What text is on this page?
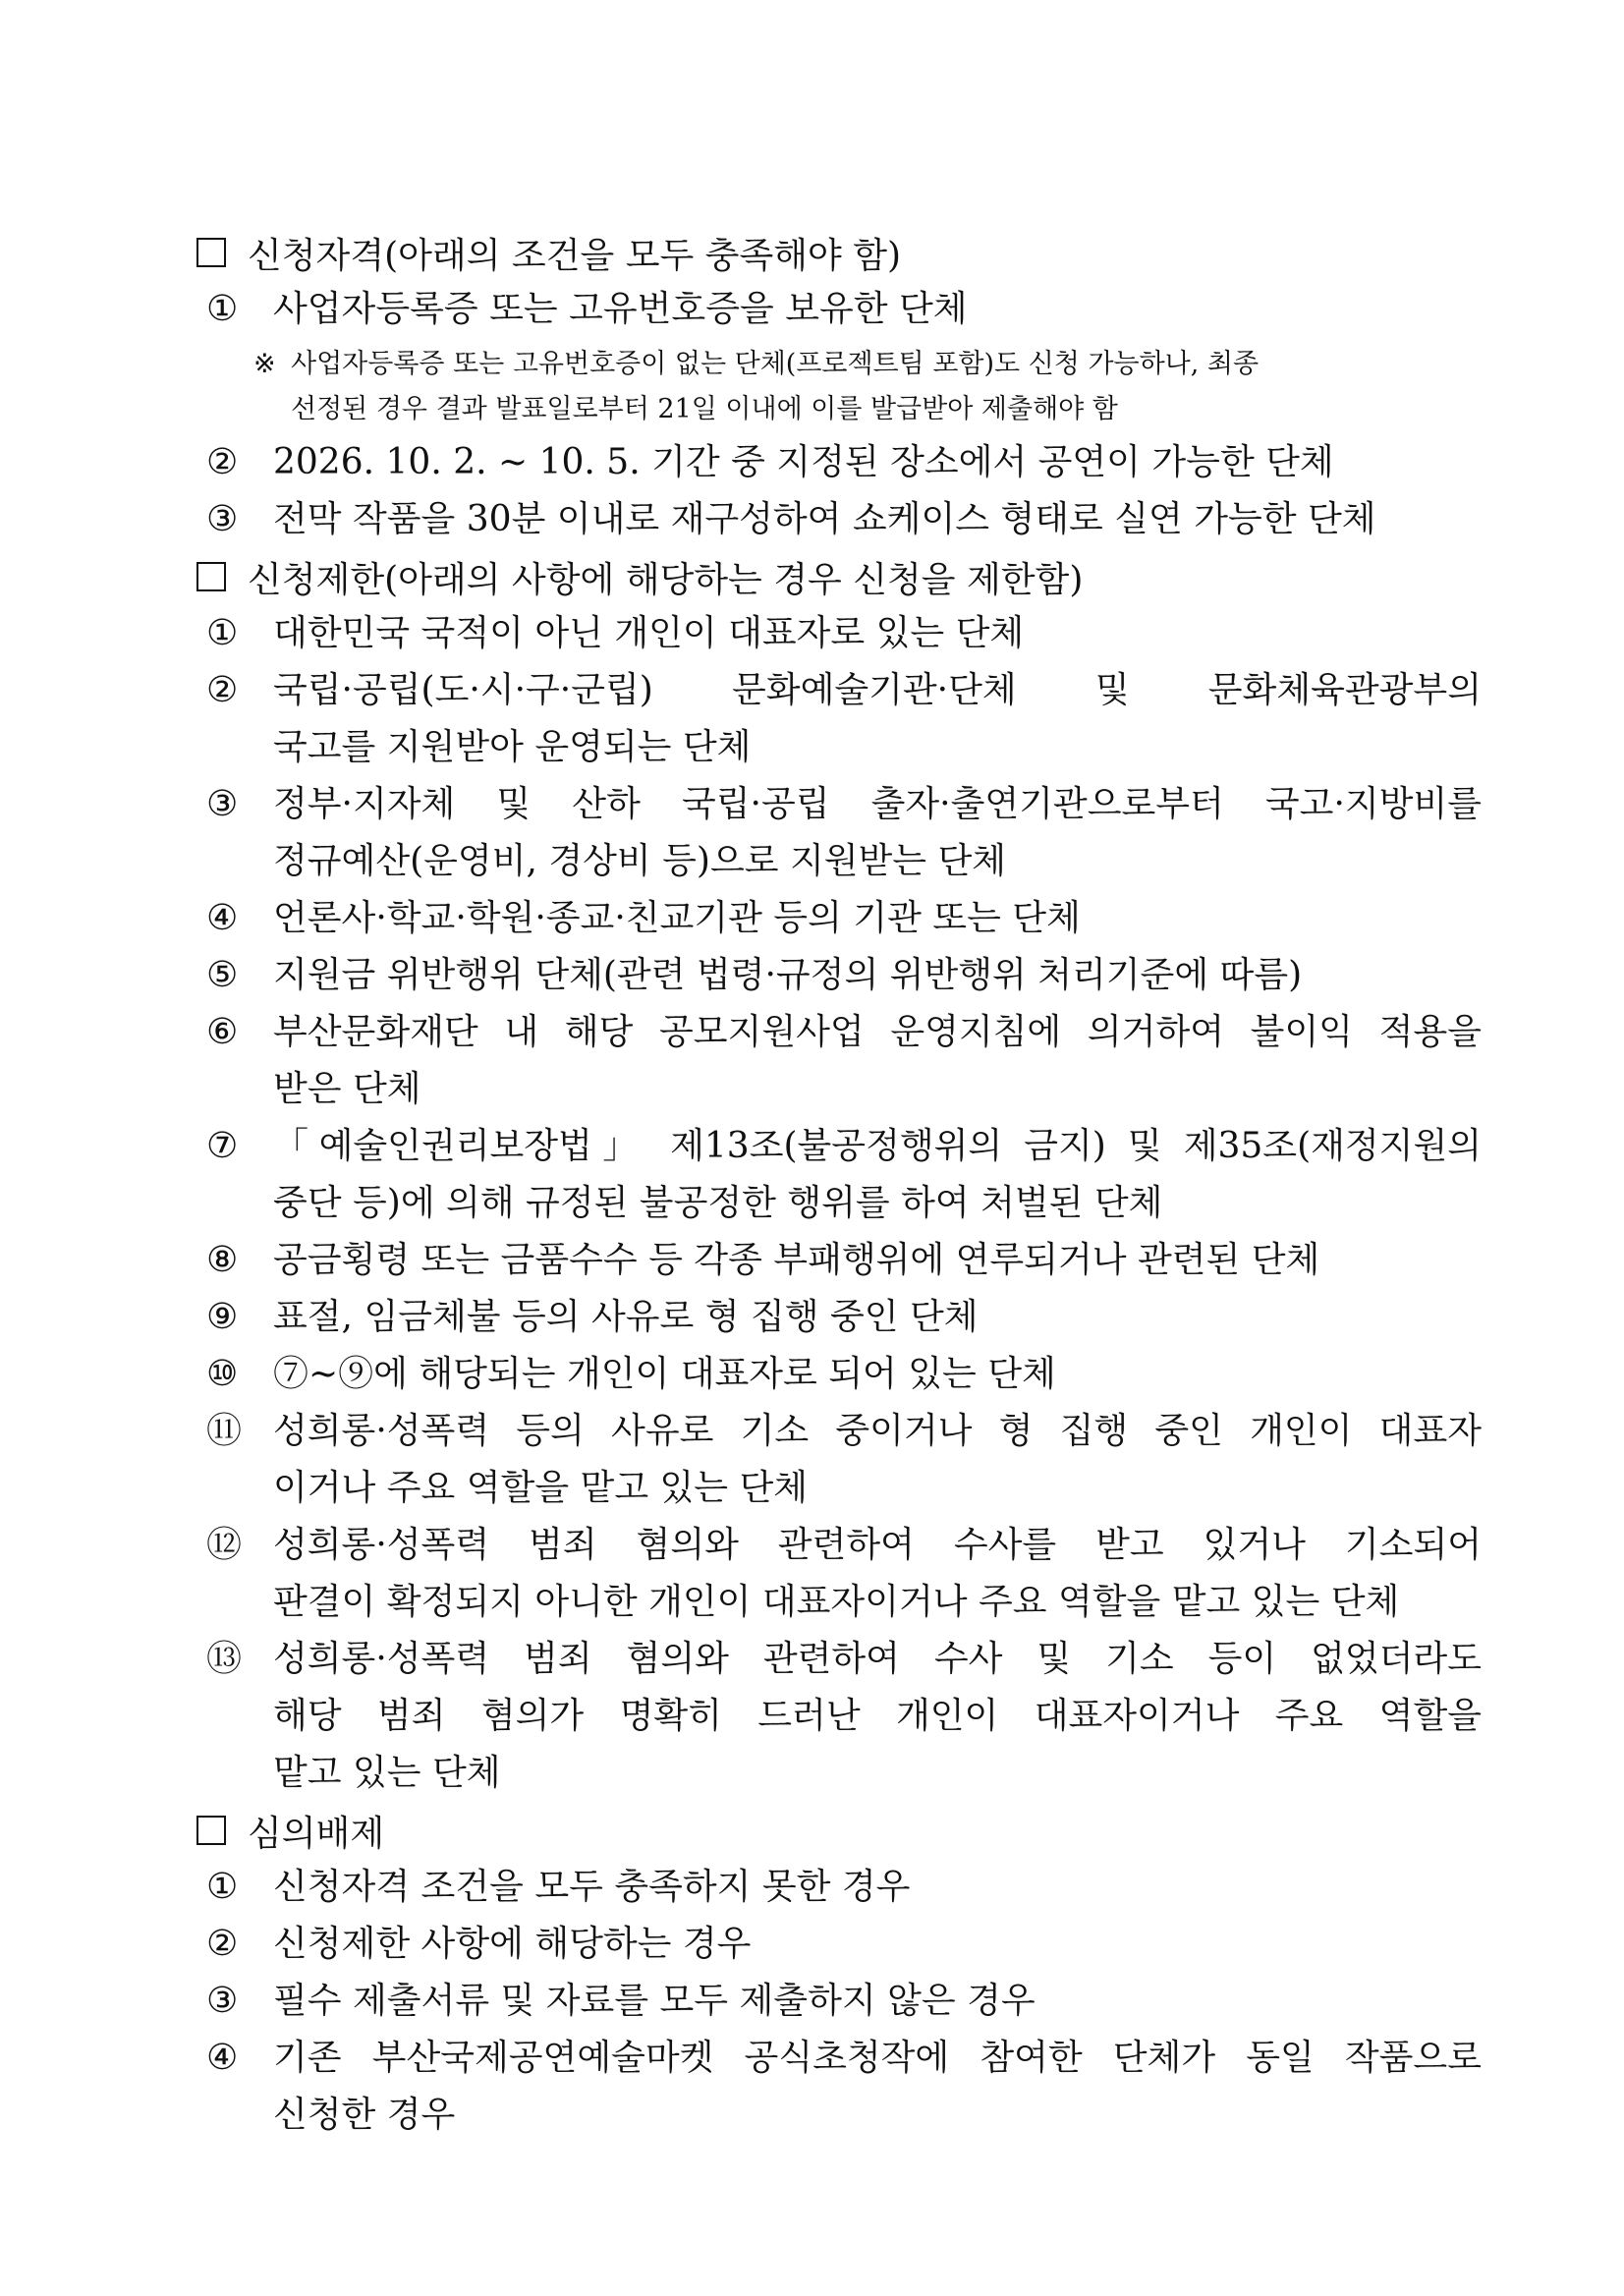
신청자격(아래의 조건을 모두 충족해야 함)
① 사업자등록증 또는 고유번호증을 보유한 단체
※ 사업자등록증 또는 고유번호증이 없는 단체(프로젝트팀 포함)도 신청 가능하나, 최종
선정된 경우 결과 발표일로부터 21일 이내에 이를 발급받아 제출해야 함
② 2026. 10. 2. ~ 10. 5. 기간 중 지정된 장소에서 공연이 가능한 단체
③ 전막 작품을 30분 이내로 재구성하여 쇼케이스 형태로 실연 가능한 단체
신청제한(아래의 사항에 해당하는 경우 신청을 제한함)
심의배제
① 대한민국 국적이 아닌 개인이 대표자로 있는 단체
② 국립·공립(도·시·구·군립) 문화예술기관·단체 및 문화체육관광부의
국고를 지원받아 운영되는 단체
③ 정부·지자체 및 산하 국립·공립 출자·출연기관으로부터 국고·지방비를
정규예산(운영비, 경상비 등)으로 지원받는 단체
④ 언론사·학교·학원·종교·친교기관 등의 기관 또는 단체
⑤ 지원금 위반행위 단체(관련 법령·규정의 위반행위 처리기준에 따름)
⑥ 부산문화재단 내 해당 공모지원사업 운영지침에 의거하여 불이익 적용을
받은 단체
⑦ 「예술인권리보장법」 제13조(불공정행위의 금지) 및 제35조(재정지원의
중단 등)에 의해 규정된 불공정한 행위를 하여 처벌된 단체
⑧ 공금횡령 또는 금품수수 등 각종 부패행위에 연루되거나 관련된 단체
⑨ 표절, 임금체불 등의 사유로 형 집행 중인 단체
⑩ ⑦~⑨에 해당되는 개인이 대표자로 되어 있는 단체
⑪ 성희롱·성폭력 등의 사유로 기소 중이거나 형 집행 중인 개인이 대표자
이거나 주요 역할을 맡고 있는 단체
⑫ 성희롱·성폭력 범죄 혐의와 관련하여 수사를 받고 있거나 기소되어
판결이 확정되지 아니한 개인이 대표자이거나 주요 역할을 맡고 있는 단체
⑬ 성희롱·성폭력 범죄 혐의와 관련하여 수사 및 기소 등이 없었더라도
해당 범죄 혐의가 명확히 드러난 개인이 대표자이거나 주요 역할을
맡고 있는 단체
① 신청자격 조건을 모두 충족하지 못한 경우
② 신청제한 사항에 해당하는 경우
③ 필수 제출서류 및 자료를 모두 제출하지 않은 경우
④ 기존 부산국제공연예술마켓 공식초청작에 참여한 단체가 동일 작품으로
신청한 경우
